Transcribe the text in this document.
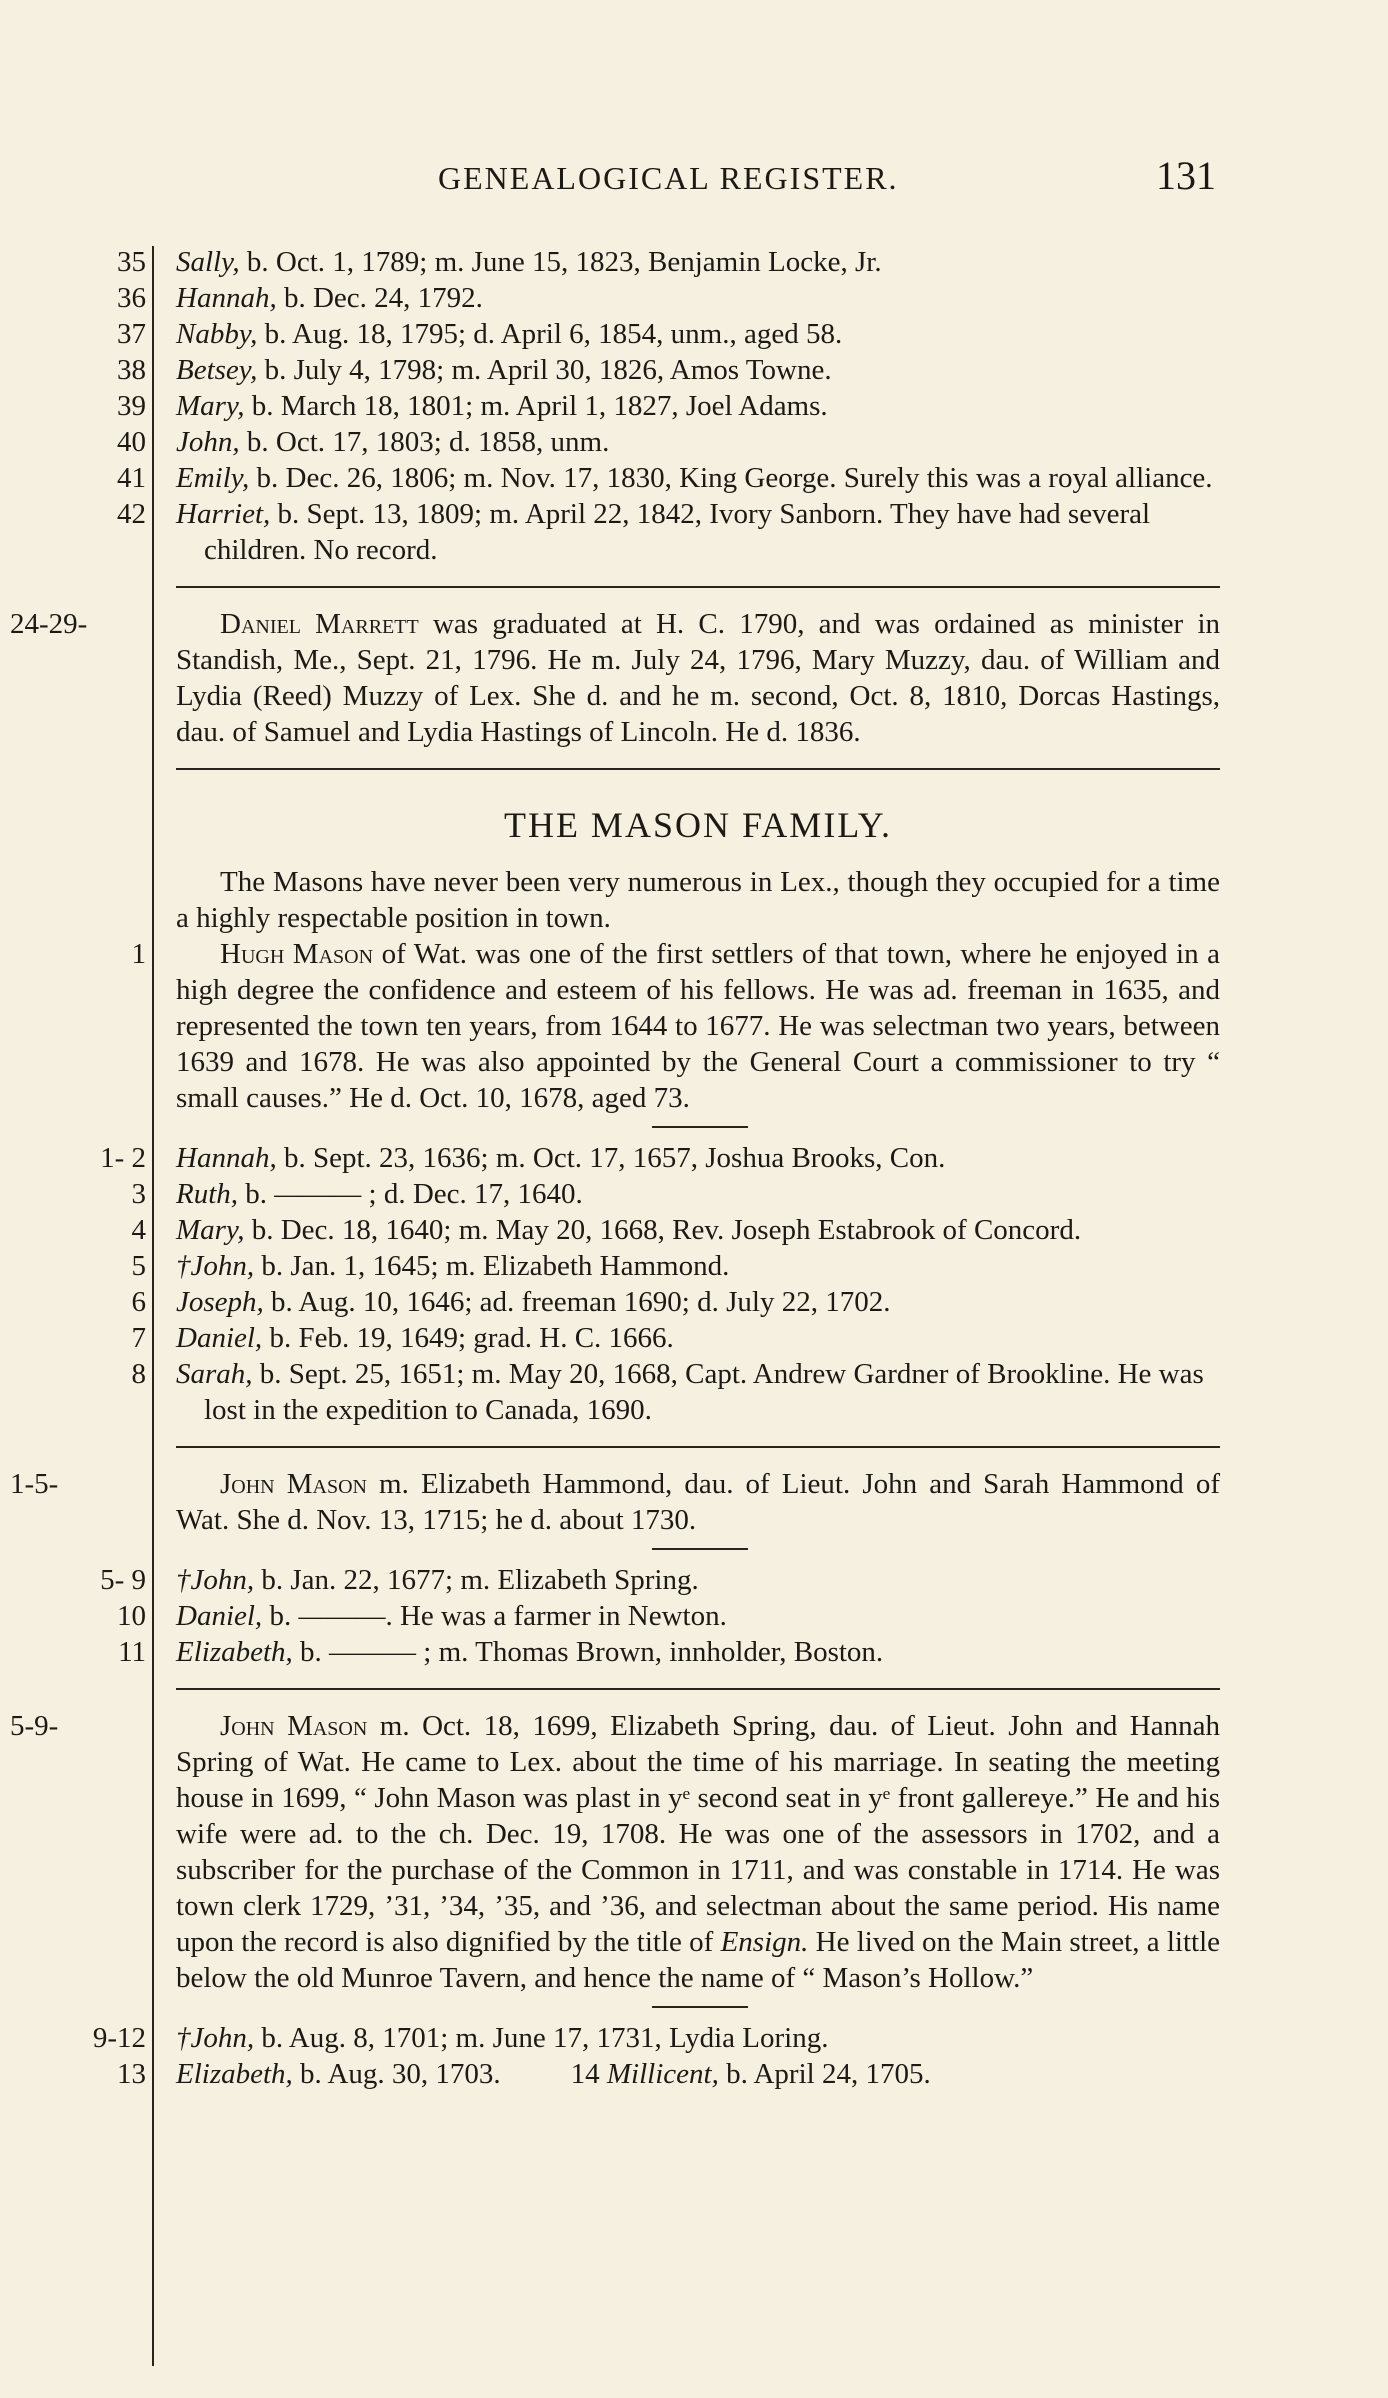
GENEALOGICAL REGISTER.	131
35 Sally, b. Oct. 1, 1789; m. June 15, 1823, Benjamin Locke, Jr.
36 Hannah, b. Dec. 24, 1792.
37 Nabby, b. Aug. 18, 1795; d. April 6, 1854, unm., aged 58.
38 Betsey, b. July 4, 1798; m. April 30, 1826, Amos Towne.
39 Mary, b. March 18, 1801; m. April 1, 1827, Joel Adams.
40 John, b. Oct. 17, 1803; d. 1858, unm.
41 Emily, b. Dec. 26, 1806; m. Nov. 17, 1830, King George. Surely this was a royal alliance.
42 Harriet, b. Sept. 13, 1809; m. April 22, 1842, Ivory Sanborn. They have had several children. No record.
24-29-	Daniel Marrett was graduated at H. C. 1790, and was ordained as minister in Standish, Me., Sept. 21, 1796. He m. July 24, 1796, Mary Muzzy, dau. of William and Lydia (Reed) Muzzy of Lex. She d. and he m. second, Oct. 8, 1810, Dorcas Hastings, dau. of Samuel and Lydia Hastings of Lincoln. He d. 1836.
THE MASON FAMILY.
The Masons have never been very numerous in Lex., though they occupied for a time a highly respectable position in town.
1	Hugh Mason of Wat. was one of the first settlers of that town, where he enjoyed in a high degree the confidence and esteem of his fellows. He was ad. freeman in 1635, and represented the town ten years, from 1644 to 1677. He was selectman two years, between 1639 and 1678. He was also appointed by the General Court a commissioner to try “ small causes.” He d. Oct. 10, 1678, aged 73.
1- 2 Hannah, b. Sept. 23, 1636; m. Oct. 17, 1657, Joshua Brooks, Con.
3 Ruth, b. ——— ; d. Dec. 17, 1640.
4 Mary, b. Dec. 18, 1640; m. May 20, 1668, Rev. Joseph Estabrook of Concord.
5 †John, b. Jan. 1, 1645; m. Elizabeth Hammond.
6 Joseph, b. Aug. 10, 1646; ad. freeman 1690; d. July 22, 1702.
7 Daniel, b. Feb. 19, 1649; grad. H. C. 1666.
8 Sarah, b. Sept. 25, 1651; m. May 20, 1668, Capt. Andrew Gardner of Brookline. He was lost in the expedition to Canada, 1690.
1-5-	John Mason m. Elizabeth Hammond, dau. of Lieut. John and Sarah Hammond of Wat. She d. Nov. 13, 1715; he d. about 1730.
5- 9 †John, b. Jan. 22, 1677; m. Elizabeth Spring.
10 Daniel, b. ———. He was a farmer in Newton.
11 Elizabeth, b. ——— ; m. Thomas Brown, innholder, Boston.
5-9-	John Mason m. Oct. 18, 1699, Elizabeth Spring, dau. of Lieut. John and Hannah Spring of Wat. He came to Lex. about the time of his marriage. In seating the meeting house in 1699, “ John Mason was plast in yᵉ second seat in yᵉ front gallereye.” He and his wife were ad. to the ch. Dec. 19, 1708. He was one of the assessors in 1702, and a subscriber for the purchase of the Common in 1711, and was constable in 1714. He was town clerk 1729, ’31, ’34, ’35, and ’36, and selectman about the same period. His name upon the record is also dignified by the title of Ensign. He lived on the Main street, a little below the old Munroe Tavern, and hence the name of “ Mason’s Hollow.”
9-12 †John, b. Aug. 8, 1701; m. June 17, 1731, Lydia Loring.
13 Elizabeth, b. Aug. 30, 1703. 14 Millicent, b. April 24, 1705.
